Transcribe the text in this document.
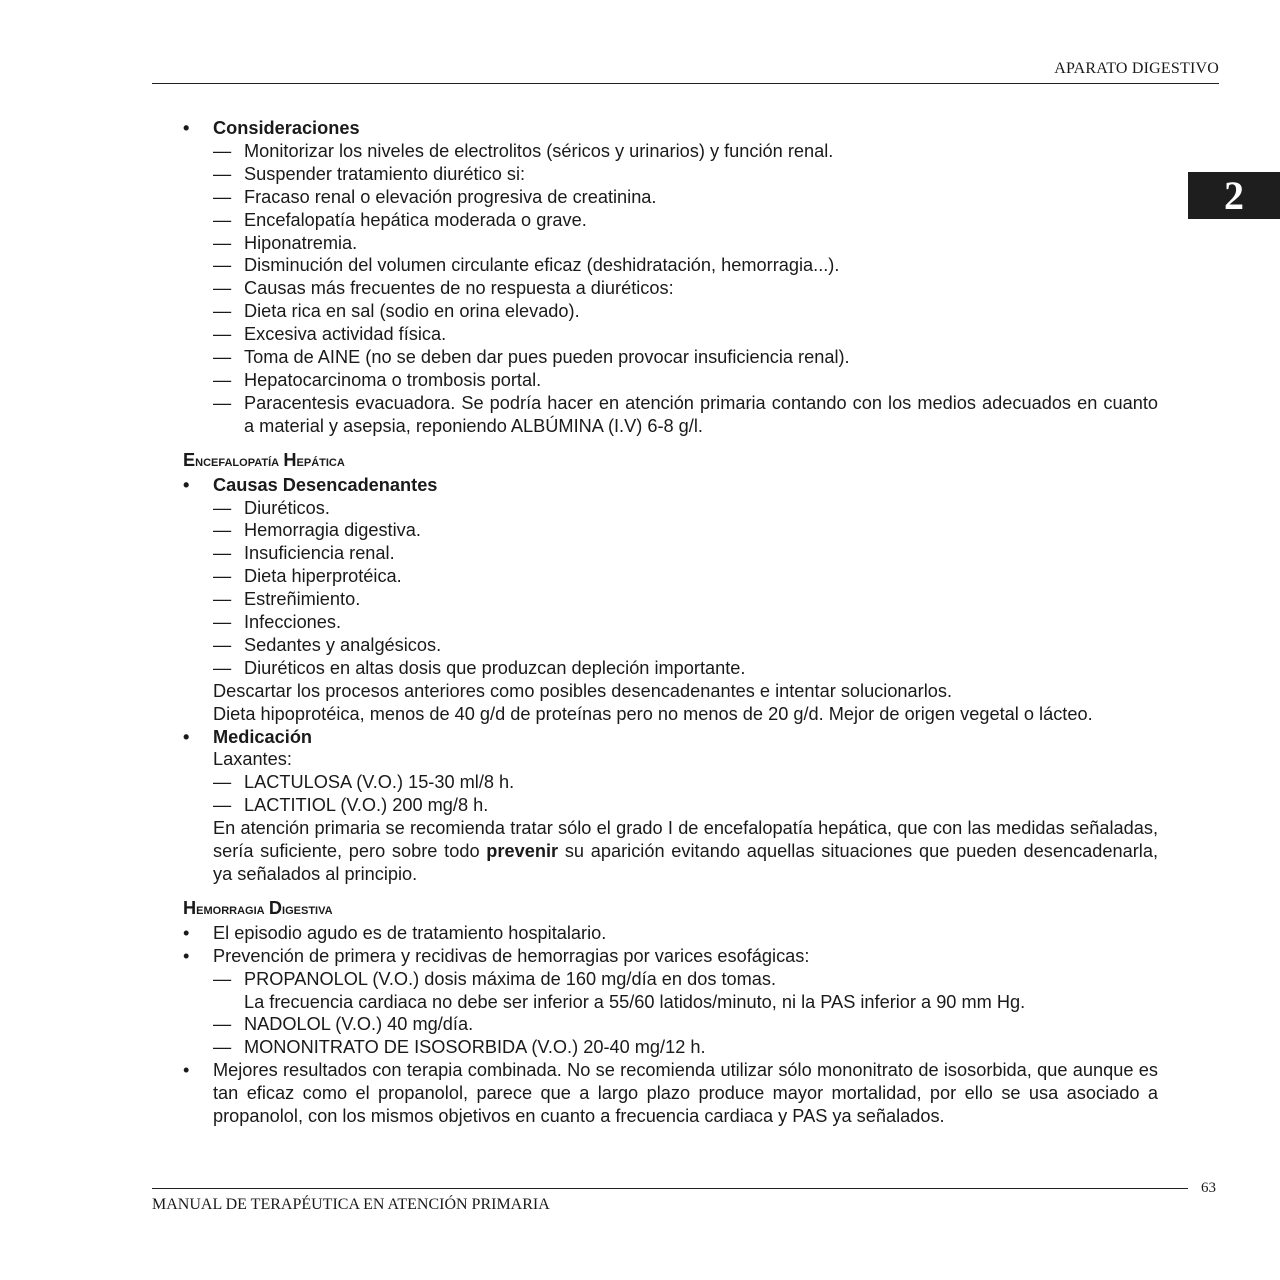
APARATO DIGESTIVO
2
• Consideraciones
— Monitorizar los niveles de electrolitos (séricos y urinarios) y función renal.
— Suspender tratamiento diurético si:
— Fracaso renal o elevación progresiva de creatinina.
— Encefalopatía hepática moderada o grave.
— Hiponatremia.
— Disminución del volumen circulante eficaz (deshidratación, hemorragia...).
— Causas más frecuentes de no respuesta a diuréticos:
— Dieta rica en sal (sodio en orina elevado).
— Excesiva actividad física.
— Toma de AINE (no se deben dar pues pueden provocar insuficiencia renal).
— Hepatocarcinoma o trombosis portal.
— Paracentesis evacuadora. Se podría hacer en atención primaria contando con los medios adecuados en cuanto a material y asepsia, reponiendo ALBÚMINA (I.V) 6-8 g/l.
Encefalopatía Hepática
• Causas Desencadenantes
— Diuréticos.
— Hemorragia digestiva.
— Insuficiencia renal.
— Dieta hiperprotéica.
— Estreñimiento.
— Infecciones.
— Sedantes y analgésicos.
— Diuréticos en altas dosis que produzcan depleción importante.
Descartar los procesos anteriores como posibles desencadenantes e intentar solucionarlos.
Dieta hipoprotéica, menos de 40 g/d de proteínas pero no menos de 20 g/d. Mejor de origen vegetal o lácteo.
• Medicación
Laxantes:
— LACTULOSA (V.O.) 15-30 ml/8 h.
— LACTITIOL (V.O.) 200 mg/8 h.
En atención primaria se recomienda tratar sólo el grado I de encefalopatía hepática, que con las medidas señaladas, sería suficiente, pero sobre todo prevenir su aparición evitando aquellas situaciones que pueden desencadenarla, ya señalados al principio.
Hemorragia Digestiva
• El episodio agudo es de tratamiento hospitalario.
• Prevención de primera y recidivas de hemorragias por varices esofágicas:
— PROPANOLOL (V.O.) dosis máxima de 160 mg/día en dos tomas.
La frecuencia cardiaca no debe ser inferior a 55/60 latidos/minuto, ni la PAS inferior a 90 mm Hg.
— NADOLOL (V.O.) 40 mg/día.
— MONONITRATO DE ISOSORBIDA (V.O.) 20-40 mg/12 h.
• Mejores resultados con terapia combinada. No se recomienda utilizar sólo mononitrato de isosorbida, que aunque es tan eficaz como el propanolol, parece que a largo plazo produce mayor mortalidad, por ello se usa asociado a propanolol, con los mismos objetivos en cuanto a frecuencia cardiaca y PAS ya señalados.
63
MANUAL DE TERAPÉUTICA EN ATENCIÓN PRIMARIA
